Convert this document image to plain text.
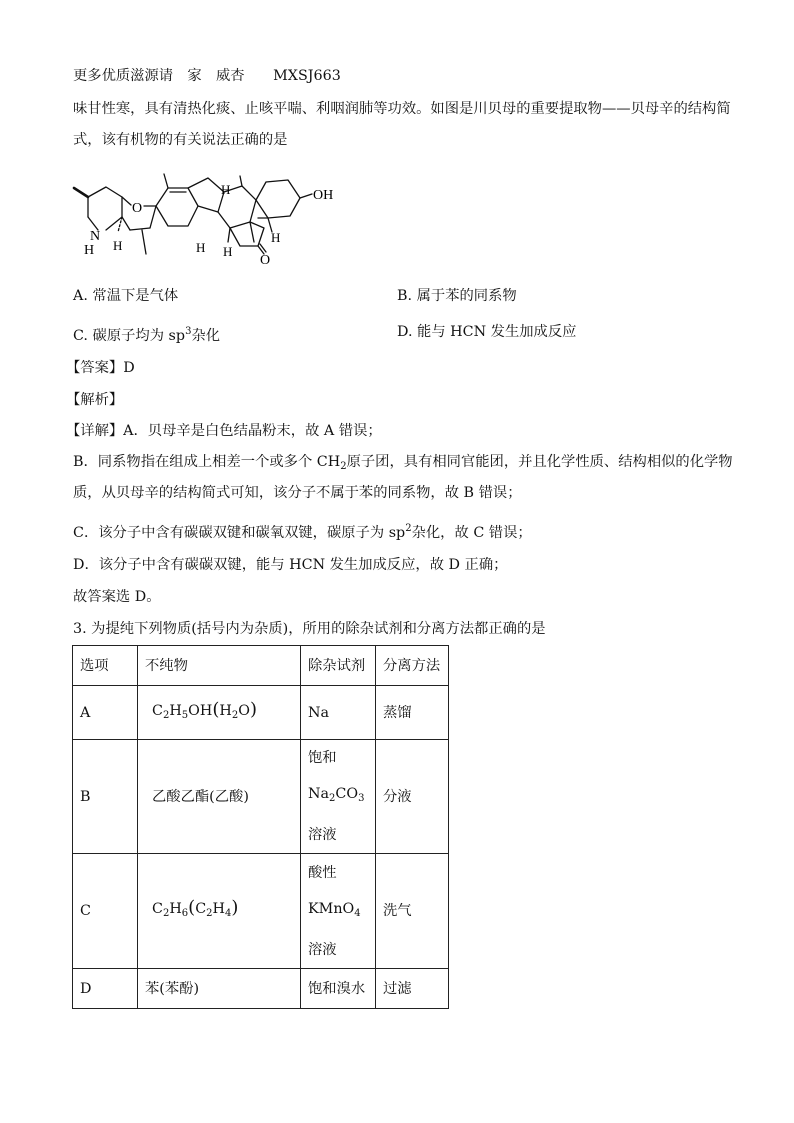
更多优质滋源请　家　威杏　　MXSJ663
味甘性寒，具有清热化痰、止咳平喘、利咽润肺等功效。如图是川贝母的重要提取物——贝母辛的结构简
式，该有机物的有关说法正确的是
O
N
H H
H
H H
H
OH
O
A. 常温下是气体	B. 属于苯的同系物
C. 碳原子均为 $sp^3$杂化	D. 能与 HCN 发生加成反应
【答案】D
【解析】
【详解】A．贝母辛是白色结晶粉末，故 A 错误；
B．同系物指在组成上相差一个或多个 $CH_2$原子团，具有相同官能团，并且化学性质、结构相似的化学物
质，从贝母辛的结构简式可知，该分子不属于苯的同系物，故 B 错误；
C．该分子中含有碳碳双键和碳氧双键，碳原子为 $sp^2$杂化，故 C 错误；
D．该分子中含有碳碳双键，能与 HCN 发生加成反应，故 D 正确；
故答案选 D。
3. 为提纯下列物质(括号内为杂质)，所用的除杂试剂和分离方法都正确的是
选项	不纯物	除杂试剂	分离方法
A	$C_2H_5OH(H_2O)$	Na	蒸馏
B	乙酸乙酯(乙酸)	饱和
$Na_2CO_3$
溶液	分液
C	$C_2H_6(C_2H_4)$	酸性
KMnO$_4$
溶液	洗气
D	苯(苯酚)	饱和溴水	过滤
